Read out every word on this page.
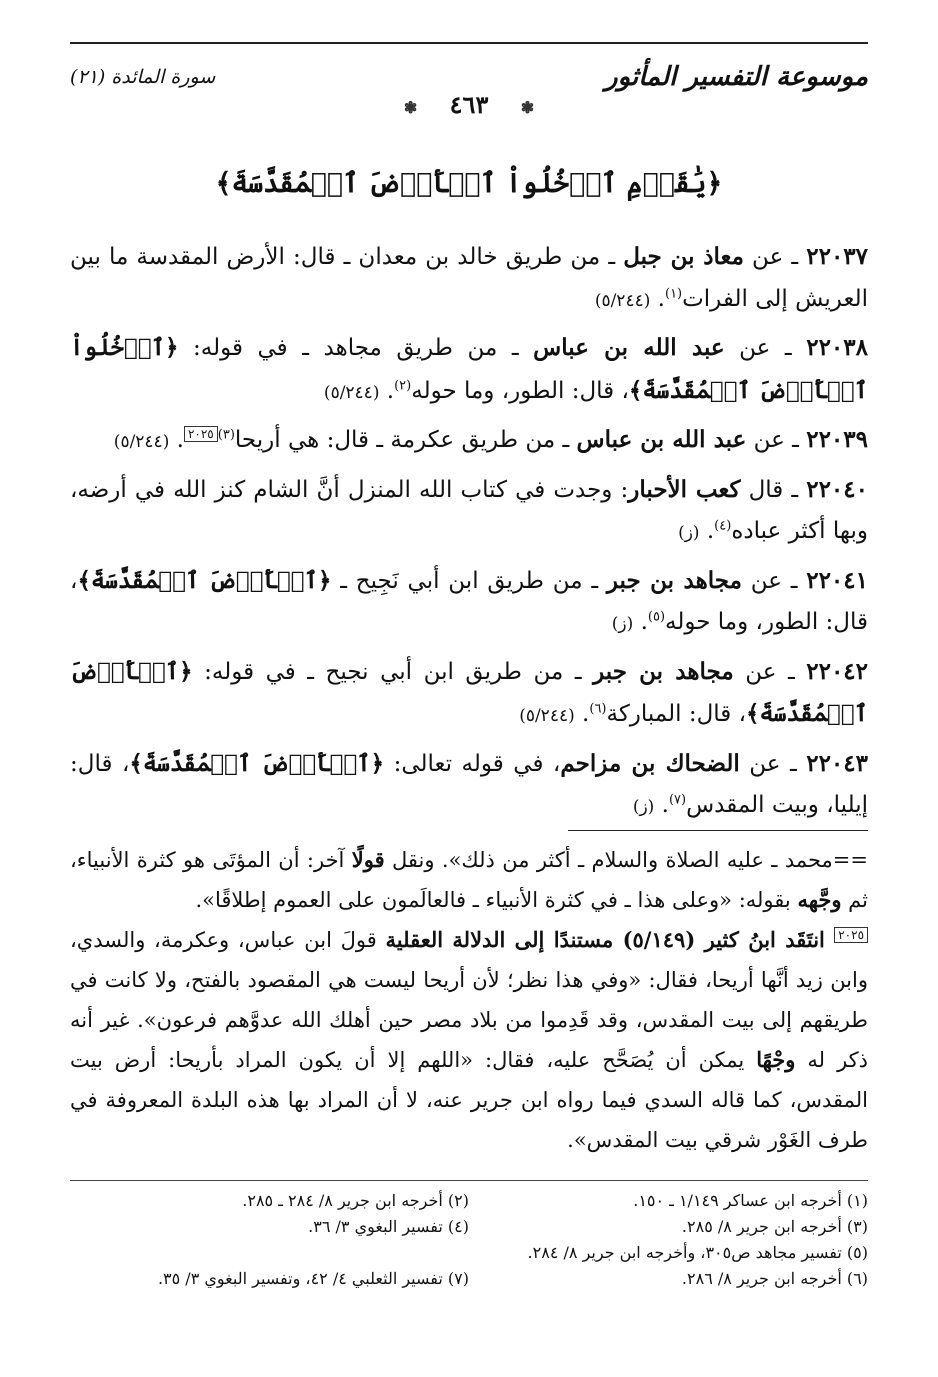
موسوعة التفسير المأثور
سورة المائدة (٢١)
❃ ٤٦٣ ❃
﴿يَٰقَوۡمِ ٱدۡخُلُواْ ٱلۡأَرۡضَ ٱلۡمُقَدَّسَةَ﴾
٢٢٠٣٧ ـ عن معاذ بن جبل ـ من طريق خالد بن معدان ـ قال: الأرض المقدسة ما بين العريش إلى الفرات$^{(١)}$. (٥/٢٤٤)
٢٢٠٣٨ ـ عن عبد الله بن عباس ـ من طريق مجاهد ـ في قوله: ﴿ٱدۡخُلُواْ ٱلۡأَرۡضَ ٱلۡمُقَدَّسَةَ﴾، قال: الطور، وما حوله$^{(٢)}$. (٥/٢٤٤)
٢٢٠٣٩ ـ عن عبد الله بن عباس ـ من طريق عكرمة ـ قال: هي أريحا$^{(٣)}$٢٠٢٥. (٥/٢٤٤)
٢٢٠٤٠ ـ قال كعب الأحبار: وجدت في كتاب الله المنزل أنَّ الشام كنز الله في أرضه، وبها أكثر عباده$^{(٤)}$. (ز)
٢٢٠٤١ ـ عن مجاهد بن جبر ـ من طريق ابن أبي نَجِيح ـ ﴿ٱلۡأَرۡضَ ٱلۡمُقَدَّسَةَ﴾، قال: الطور، وما حوله$^{(٥)}$. (ز)
٢٢٠٤٢ ـ عن مجاهد بن جبر ـ من طريق ابن أبي نجيح ـ في قوله: ﴿ٱلۡأَرۡضَ ٱلۡمُقَدَّسَةَ﴾، قال: المباركة$^{(٦)}$. (٥/٢٤٤)
٢٢٠٤٣ ـ عن الضحاك بن مزاحم، في قوله تعالى: ﴿ٱلۡأَرۡضَ ٱلۡمُقَدَّسَةَ﴾، قال: إيليا، وبيت المقدس$^{(٧)}$. (ز)
==محمد ـ عليه الصلاة والسلام ـ أكثر من ذلك». ونقل قولًا آخر: أن المؤتَى هو كثرة الأنبياء، ثم وجَّهه بقوله: «وعلى هذا ـ في كثرة الأنبياء ـ فالعالَمون على العموم إطلاقًا».
٢٠٢٥ انتَقَد ابنُ كثير (٥/١٤٩) مستندًا إلى الدلالة العقلية قولَ ابن عباس، وعكرمة، والسدي، وابن زيد أنَّها أريحا، فقال: «وفي هذا نظر؛ لأن أريحا ليست هي المقصود بالفتح، ولا كانت في طريقهم إلى بيت المقدس، وقد قَدِموا من بلاد مصر حين أهلك الله عدوَّهم فرعون». غير أنه ذكر له وجْهًا يمكن أن يُصَحَّح عليه، فقال: «اللهم إلا أن يكون المراد بأريحا: أرض بيت المقدس، كما قاله السدي فيما رواه ابن جرير عنه، لا أن المراد بها هذه البلدة المعروفة في طرف الغَوْر شرقي بيت المقدس».
(١) أخرجه ابن عساكر ١/١٤٩ ـ ١٥٠.
(٢) أخرجه ابن جرير ٨/ ٢٨٤ ـ ٢٨٥.
(٣) أخرجه ابن جرير ٨/ ٢٨٥.
(٤) تفسير البغوي ٣/ ٣٦.
(٥) تفسير مجاهد ص٣٠٥، وأخرجه ابن جرير ٨/ ٢٨٤.
(٦) أخرجه ابن جرير ٨/ ٢٨٦.
(٧) تفسير الثعلبي ٤/ ٤٢، وتفسير البغوي ٣/ ٣٥.
